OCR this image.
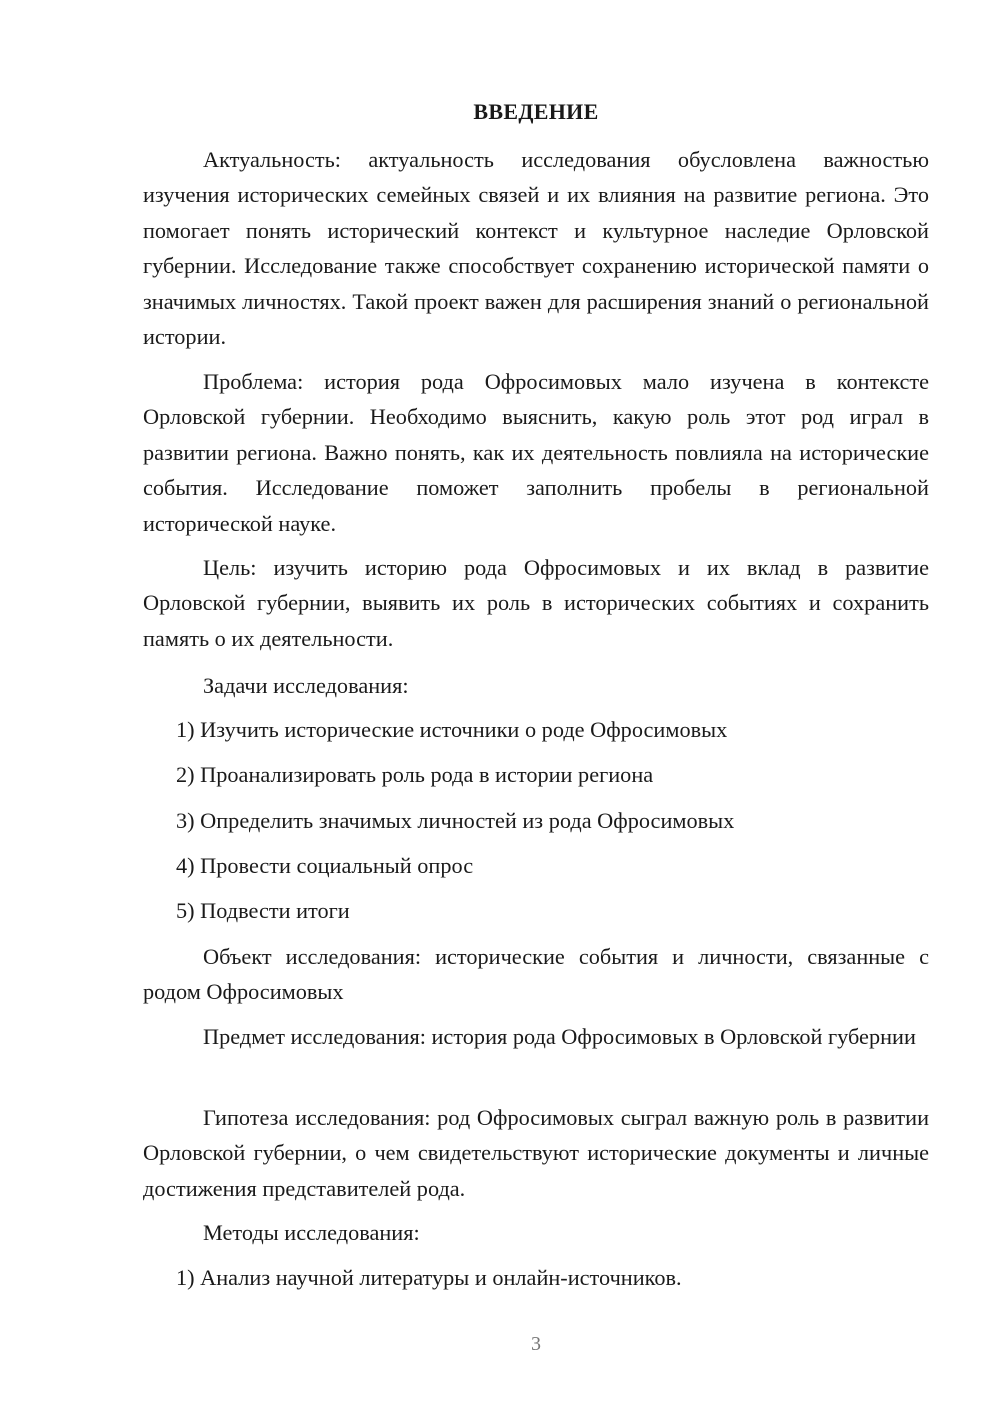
ВВЕДЕНИЕ

Актуальность: актуальность исследования обусловлена важностью изучения исторических семейных связей и их влияния на развитие региона. Это помогает понять исторический контекст и культурное наследие Орловской губернии. Исследование также способствует сохранению исторической памяти о значимых личностях. Такой проект важен для расширения знаний о региональной истории.

Проблема: история рода Офросимовых мало изучена в контексте Орловской губернии. Необходимо выяснить, какую роль этот род играл в развитии региона. Важно понять, как их деятельность повлияла на исторические события. Исследование поможет заполнить пробелы в региональной исторической науке.

Цель: изучить историю рода Офросимовых и их вклад в развитие Орловской губернии, выявить их роль в исторических событиях и сохранить память о их деятельности.

Задачи исследования:

1) Изучить исторические источники о роде Офросимовых

2) Проанализировать роль рода в истории региона

3) Определить значимых личностей из рода Офросимовых

4) Провести социальный опрос

5) Подвести итоги

Объект исследования: исторические события и личности, связанные с родом Офросимовых

Предмет исследования: история рода Офросимовых в Орловской губернии

Гипотеза исследования: род Офросимовых сыграл важную роль в развитии Орловской губернии, о чем свидетельствуют исторические документы и личные достижения представителей рода.

Методы исследования:

1) Анализ научной литературы и онлайн-источников.

3
